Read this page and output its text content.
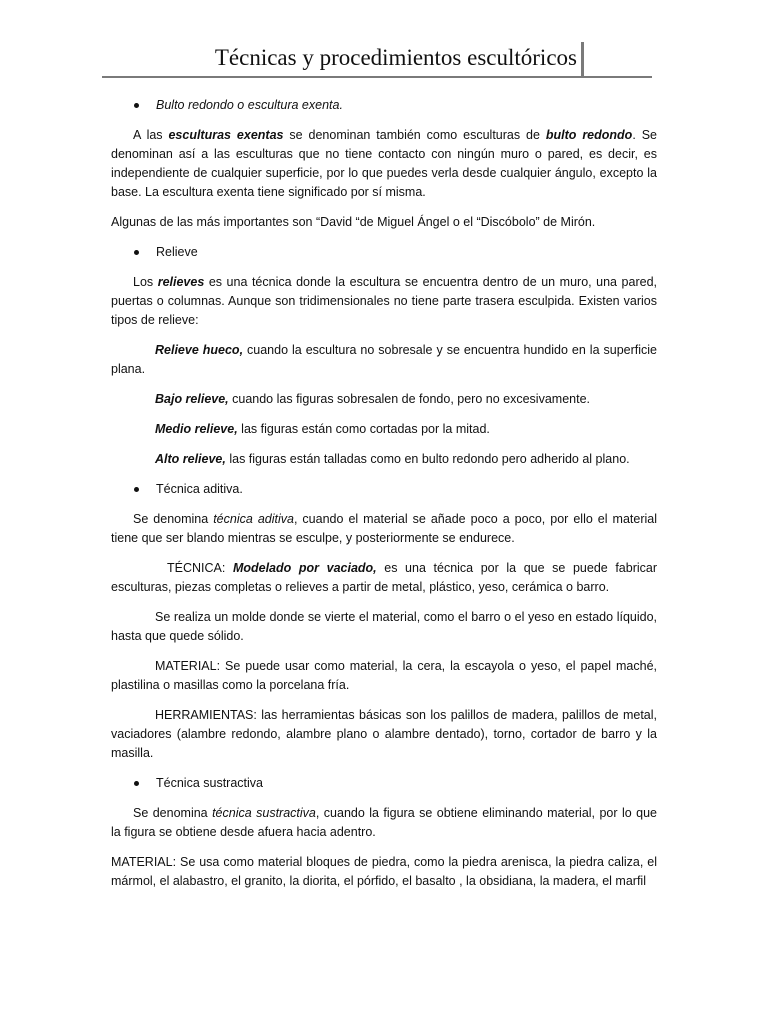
Técnicas y procedimientos escultóricos
Bulto redondo o escultura exenta.

A las esculturas exentas se denominan también como esculturas de bulto redondo. Se denominan así a las esculturas que no tiene contacto con ningún muro o pared, es decir, es independiente de cualquier superficie, por lo que puedes verla desde cualquier ángulo, excepto la base. La escultura exenta tiene significado por sí misma.

Algunas de las más importantes son “David “de Miguel Ángel o el “Discóbolo” de Mirón.

Relieve

Los relieves es una técnica donde la escultura se encuentra dentro de un muro, una pared, puertas o columnas. Aunque son tridimensionales no tiene parte trasera esculpida. Existen varios tipos de relieve:

Relieve hueco, cuando la escultura no sobresale y se encuentra hundido en la superficie plana.

Bajo relieve, cuando las figuras sobresalen de fondo, pero no excesivamente.

Medio relieve, las figuras están como cortadas por la mitad.

Alto relieve, las figuras están talladas como en bulto redondo pero adherido al plano.

Técnica aditiva.

Se denomina técnica aditiva, cuando el material se añade poco a poco, por ello el material tiene que ser blando mientras se esculpe, y posteriormente se endurece.

TÉCNICA: Modelado por vaciado, es una técnica por la que se puede fabricar esculturas, piezas completas o relieves a partir de metal, plástico, yeso, cerámica o barro.

Se realiza un molde donde se vierte el material, como el barro o el yeso en estado líquido, hasta que quede sólido.

MATERIAL: Se puede usar como material, la cera, la escayola o yeso, el papel maché, plastilina o masillas como la porcelana fría.

HERRAMIENTAS: las herramientas básicas son los palillos de madera, palillos de metal, vaciadores (alambre redondo, alambre plano o alambre dentado), torno, cortador de barro y la masilla.

Técnica sustractiva

Se denomina técnica sustractiva, cuando la figura se obtiene eliminando material, por lo que la figura se obtiene desde afuera hacia adentro.

MATERIAL: Se usa como material bloques de piedra, como la piedra arenisca, la piedra caliza, el mármol, el alabastro, el granito, la diorita, el pórfido, el basalto , la obsidiana, la madera, el marfil
